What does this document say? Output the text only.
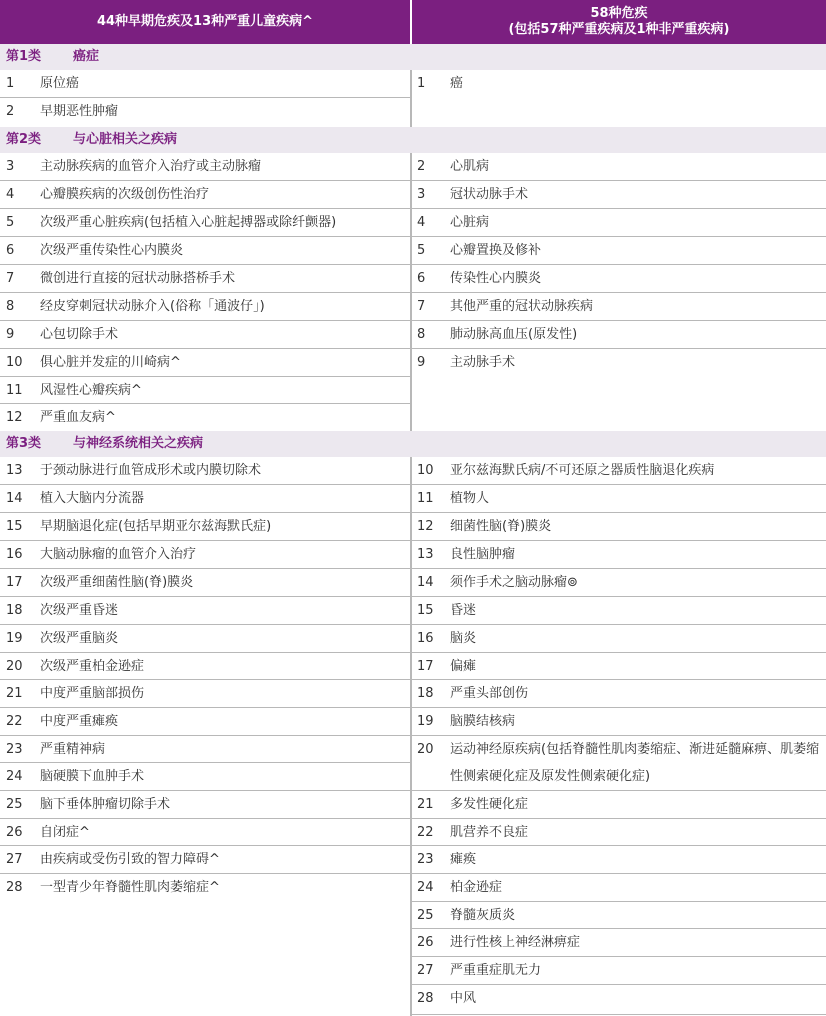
44种早期危疾及13种严重儿童疾病^
58种危疾
(包括57种严重疾病及1种非严重疾病)
第1类 癌症
第2类 与心脏相关之疾病
第3类 与神经系统相关之疾病
1 原位癌
2 早期恶性肿瘤
3 主动脉疾病的血管介入治疗或主动脉瘤
4 心瓣膜疾病的次级创伤性治疗
5 次级严重心脏疾病(包括植入心脏起搏器或除纤颤器)
6 次级严重传染性心内膜炎
7 微创进行直接的冠状动脉搭桥手术
8 经皮穿刺冠状动脉介入(俗称「通波仔」)
9 心包切除手术
10 俱心脏并发症的川崎病^
11 风湿性心瓣疾病^
12 严重血友病^
13 于颈动脉进行血管成形术或内膜切除术
14 植入大脑内分流器
15 早期脑退化症(包括早期亚尔兹海默氏症)
16 大脑动脉瘤的血管介入治疗
17 次级严重细菌性脑(脊)膜炎
18 次级严重昏迷
19 次级严重脑炎
20 次级严重柏金逊症
21 中度严重脑部损伤
22 中度严重瘫痪
23 严重精神病
24 脑硬膜下血肿手术
25 脑下垂体肿瘤切除手术
26 自闭症^
27 由疾病或受伤引致的智力障碍^
28 一型青少年脊髓性肌肉萎缩症^
1 癌
2 心肌病
3 冠状动脉手术
4 心脏病
5 心瓣置换及修补
6 传染性心内膜炎
7 其他严重的冠状动脉疾病
8 肺动脉高血压(原发性)
9 主动脉手术
10 亚尔兹海默氏病/不可还原之器质性脑退化疾病
11 植物人
12 细菌性脑(脊)膜炎
13 良性脑肿瘤
14 须作手术之脑动脉瘤⊚
15 昏迷
16 脑炎
17 偏瘫
18 严重头部创伤
19 脑膜结核病
20 运动神经原疾病(包括脊髓性肌肉萎缩症、渐进延髓麻痹、肌萎缩性侧索硬化症及原发性侧索硬化症)
21 多发性硬化症
22 肌营养不良症
23 瘫痪
24 柏金逊症
25 脊髓灰质炎
26 进行性核上神经淋痹症
27 严重重症肌无力
28 中风
